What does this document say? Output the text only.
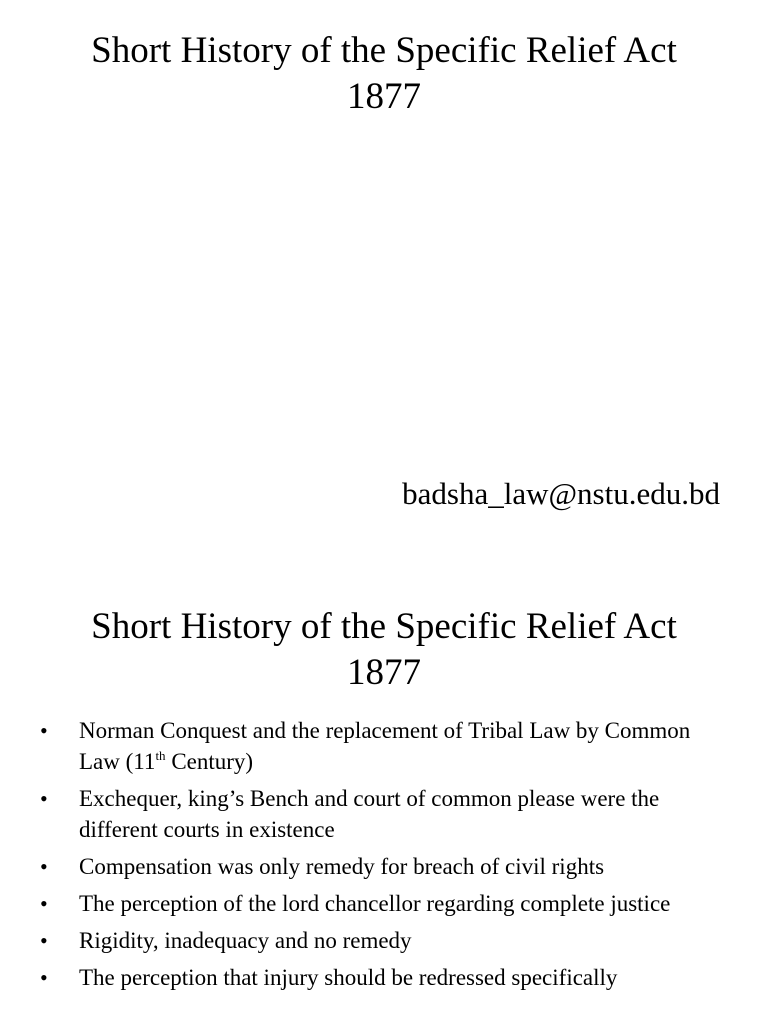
Short History of the Specific Relief Act
1877
badsha_law@nstu.edu.bd
Short History of the Specific Relief Act
1877
•	Norman Conquest and the replacement of Tribal Law by Common Law (11th Century)
•	Exchequer, king’s Bench and court of common please were the different courts in existence
•	Compensation was only remedy for breach of civil rights
•	The perception of the lord chancellor regarding complete justice
•	Rigidity, inadequacy and no remedy
•	The perception that injury should be redressed specifically
